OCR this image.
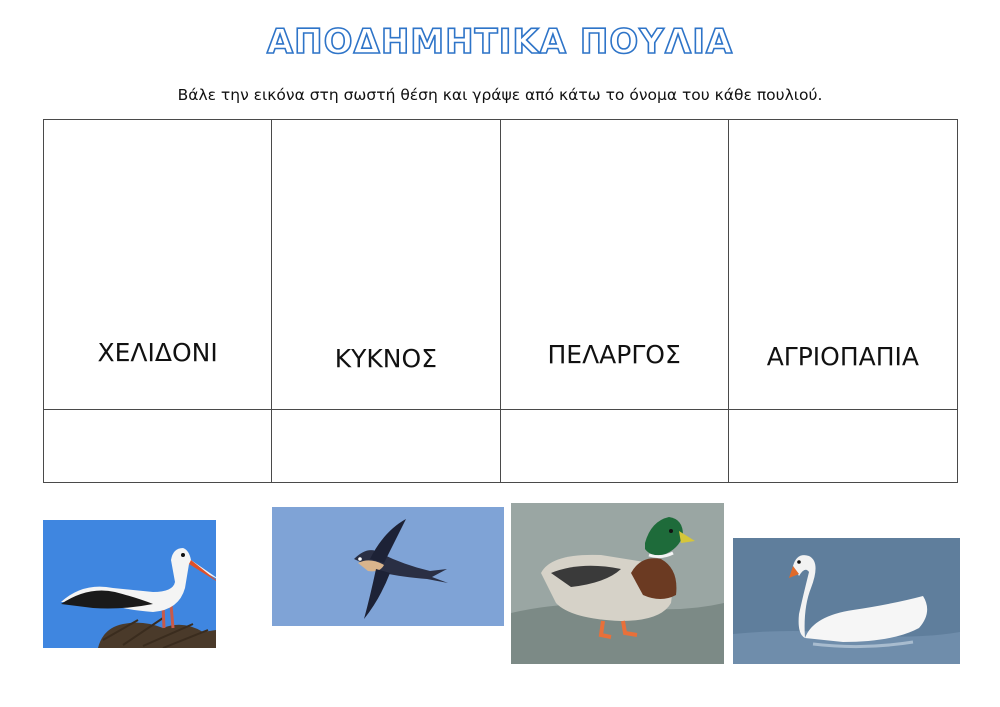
ΑΠΟΔΗΜΗΤΙΚΑ ΠΟΥΛΙΑ
Βάλε την εικόνα στη σωστή θέση και γράψε από κάτω το όνομα του κάθε πουλιού.
ΧΕΛΙΔΟΝΙ	ΚΥΚΝΟΣ	ΠΕΛΑΡΓΟΣ	ΑΓΡΙΟΠΑΠΙΑ
